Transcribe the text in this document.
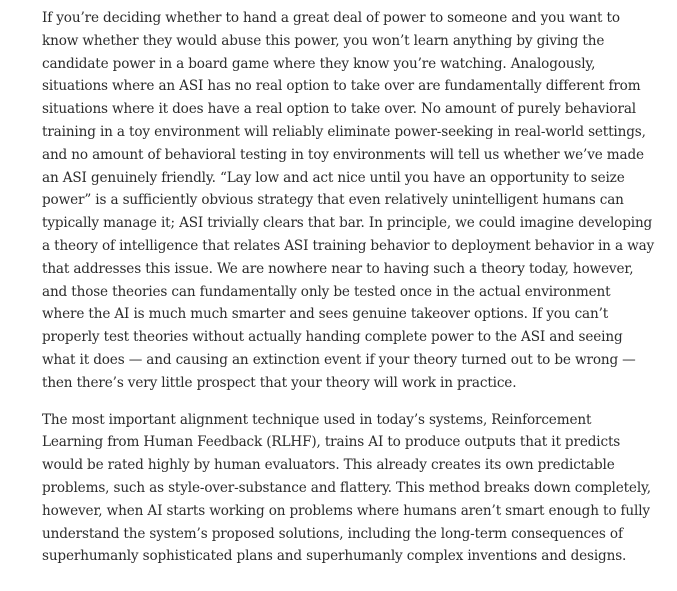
If you’re deciding whether to hand a great deal of power to someone and you want to
know whether they would abuse this power, you won’t learn anything by giving the
candidate power in a board game where they know you’re watching. Analogously,
situations where an ASI has no real option to take over are fundamentally different from
situations where it does have a real option to take over. No amount of purely behavioral
training in a toy environment will reliably eliminate power-seeking in real-world settings,
and no amount of behavioral testing in toy environments will tell us whether we’ve made
an ASI genuinely friendly. “Lay low and act nice until you have an opportunity to seize
power” is a sufficiently obvious strategy that even relatively unintelligent humans can
typically manage it; ASI trivially clears that bar. In principle, we could imagine developing
a theory of intelligence that relates ASI training behavior to deployment behavior in a way
that addresses this issue. We are nowhere near to having such a theory today, however,
and those theories can fundamentally only be tested once in the actual environment
where the AI is much much smarter and sees genuine takeover options. If you can’t
properly test theories without actually handing complete power to the ASI and seeing
what it does — and causing an extinction event if your theory turned out to be wrong —
then there’s very little prospect that your theory will work in practice.

The most important alignment technique used in today’s systems, Reinforcement
Learning from Human Feedback (RLHF), trains AI to produce outputs that it predicts
would be rated highly by human evaluators. This already creates its own predictable
problems, such as style-over-substance and flattery. This method breaks down completely,
however, when AI starts working on problems where humans aren’t smart enough to fully
understand the system’s proposed solutions, including the long-term consequences of
superhumanly sophisticated plans and superhumanly complex inventions and designs.
